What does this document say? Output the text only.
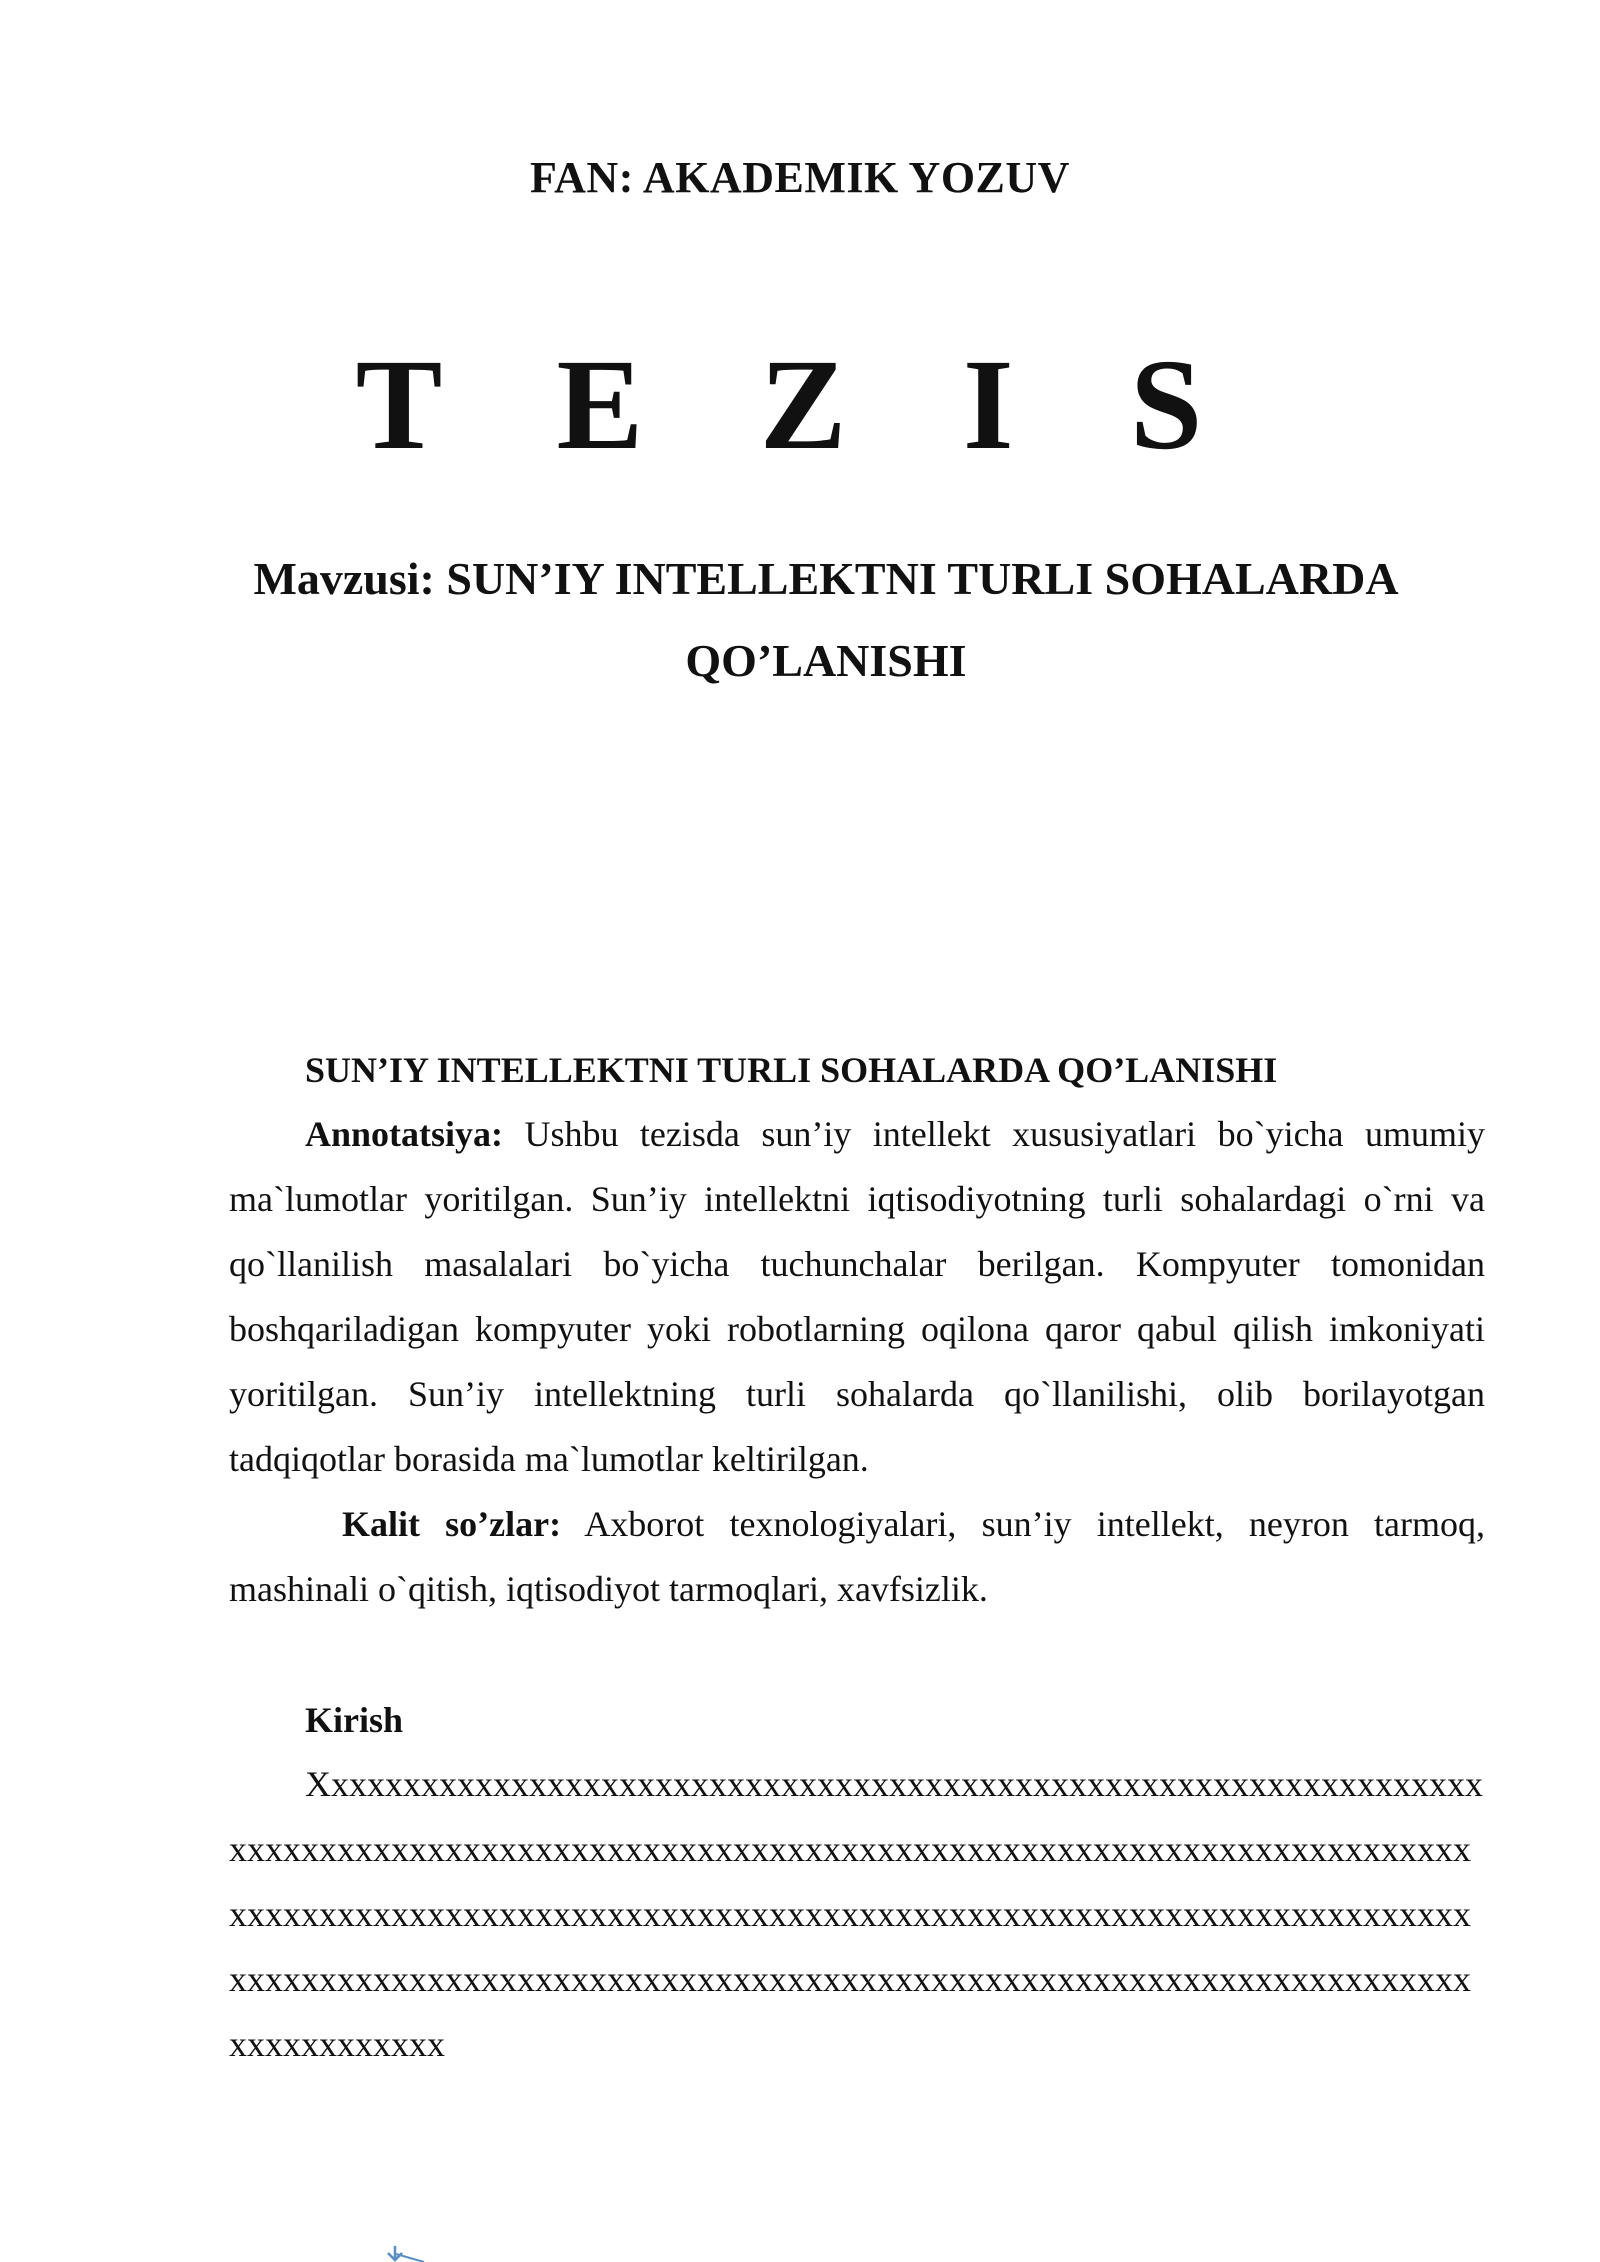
FAN: AKADEMIK YOZUV
T E Z I S
Mavzusi: SUN’IY INTELLEKTNI TURLI SOHALARDA QO’LANISHI
SUN’IY INTELLEKTNI TURLI SOHALARDA QO’LANISHI
Annotatsiya: Ushbu tezisda sun’iy intellekt xususiyatlari bo`yicha umumiy ma`lumotlar yoritilgan. Sun’iy intellektni iqtisodiyotning turli sohalardagi o`rni va qo`llanilish masalalari bo`yicha tuchunchalar berilgan. Kompyuter tomonidan boshqariladigan kompyuter yoki robotlarning oqilona qaror qabul qilish imkoniyati yoritilgan. Sun’iy intellektning turli sohalarda qo`llanilishi, olib borilayotgan tadqiqotlar borasida ma`lumotlar keltirilgan.
Kalit so’zlar: Axborot texnologiyalari, sun’iy intellekt, neyron tarmoq, mashinali o`qitish, iqtisodiyot tarmoqlari, xavfsizlik.
Kirish
Xxxxxxxxxxxxxxxxxxxxxxxxxxxxxxxxxxxxxxxxxxxxxxxxxxxxxxxxxxxxxxxxxxxxxxxxxxxxxxxxxxxxxxxxxxxxxxxxxxxxxxxxxxxxxxxxxxxxxxxxxxxxxxxxxxxxxxxxxxxxxxxxxxxxxxxxxxxxxxxxxxxxxxxxxxxxxxxxxxxxxxxxxxxxxxxxxxxxxxxxxxxxxxxxxxxxxxxxxxxxxxxxxxxxxxxxxxxxxxxxxxxxxxxxxxxxxxxxxxxxxxxxxxxxxxxxxxxxxxxxxxxx
